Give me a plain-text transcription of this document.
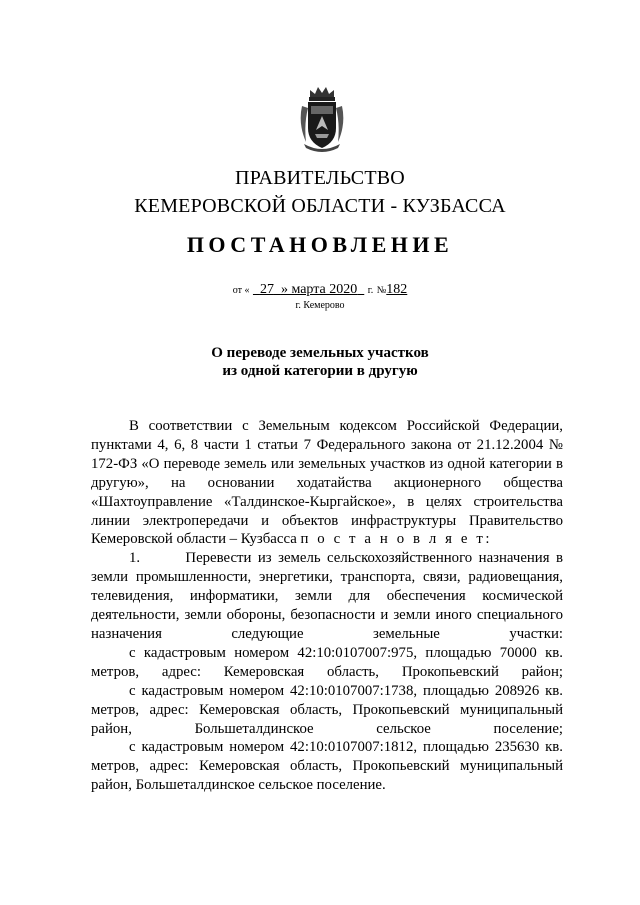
ПРАВИТЕЛЬСТВО
КЕМЕРОВСКОЙ ОБЛАСТИ - КУЗБАССА
ПОСТАНОВЛЕНИЕ
от « 27 » марта 2020 г. №182
г. Кемерово
О переводе земельных участков
из одной категории в другую

В соответствии с Земельным кодексом Российской Федерации, пунктами 4, 6, 8 части 1 статьи 7 Федерального закона от 21.12.2004 № 172-ФЗ «О переводе земель или земельных участков из одной категории в другую», на основании ходатайства акционерного общества «Шахтоуправление «Талдинское-Кыргайское», в целях строительства линии электропередачи и объектов инфраструктуры Правительство Кемеровской области – Кузбасса п о с т а н о в л я е т:

1.       Перевести из земель сельскохозяйственного назначения в земли промышленности, энергетики, транспорта, связи, радиовещания, телевидения, информатики, земли для обеспечения космической деятельности, земли обороны, безопасности и земли иного специального назначения следующие земельные участки:

с кадастровым номером 42:10:0107007:975, площадью 70000 кв. метров, адрес: Кемеровская область, Прокопьевский район;

с кадастровым номером 42:10:0107007:1738, площадью 208926 кв. метров, адрес: Кемеровская область, Прокопьевский муниципальный район, Большеталдинское сельское поселение;

с кадастровым номером 42:10:0107007:1812, площадью 235630 кв. метров, адрес: Кемеровская область, Прокопьевский муниципальный район, Большеталдинское сельское поселение.
